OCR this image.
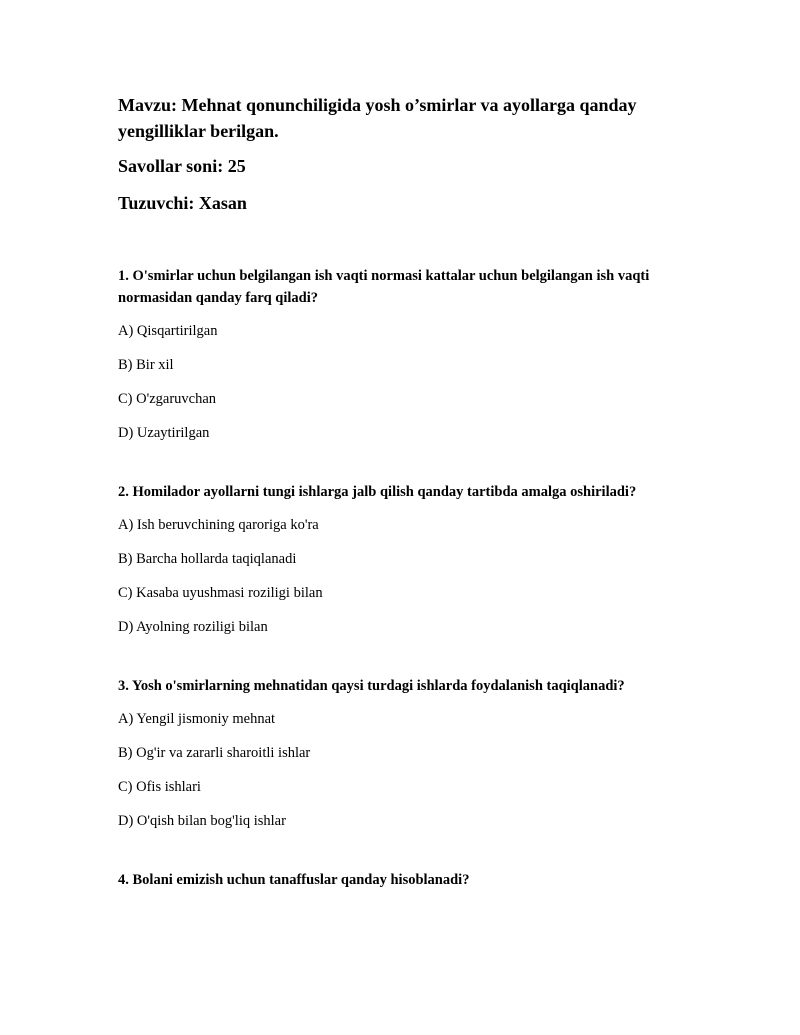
Mavzu: Mehnat qonunchiligida yosh o’smirlar va ayollarga qanday yengilliklar berilgan.

Savollar soni: 25

Tuzuvchi: Xasan

1. O'smirlar uchun belgilangan ish vaqti normasi kattalar uchun belgilangan ish vaqti normasidan qanday farq qiladi?

A) Qisqartirilgan

B) Bir xil

C) O'zgaruvchan

D) Uzaytirilgan

2. Homilador ayollarni tungi ishlarga jalb qilish qanday tartibda amalga oshiriladi?

A) Ish beruvchining qaroriga ko'ra

B) Barcha hollarda taqiqlanadi

C) Kasaba uyushmasi roziligi bilan

D) Ayolning roziligi bilan

3. Yosh o'smirlarning mehnatidan qaysi turdagi ishlarda foydalanish taqiqlanadi?

A) Yengil jismoniy mehnat

B) Og'ir va zararli sharoitli ishlar

C) Ofis ishlari

D) O'qish bilan bog'liq ishlar

4. Bolani emizish uchun tanaffuslar qanday hisoblanadi?
